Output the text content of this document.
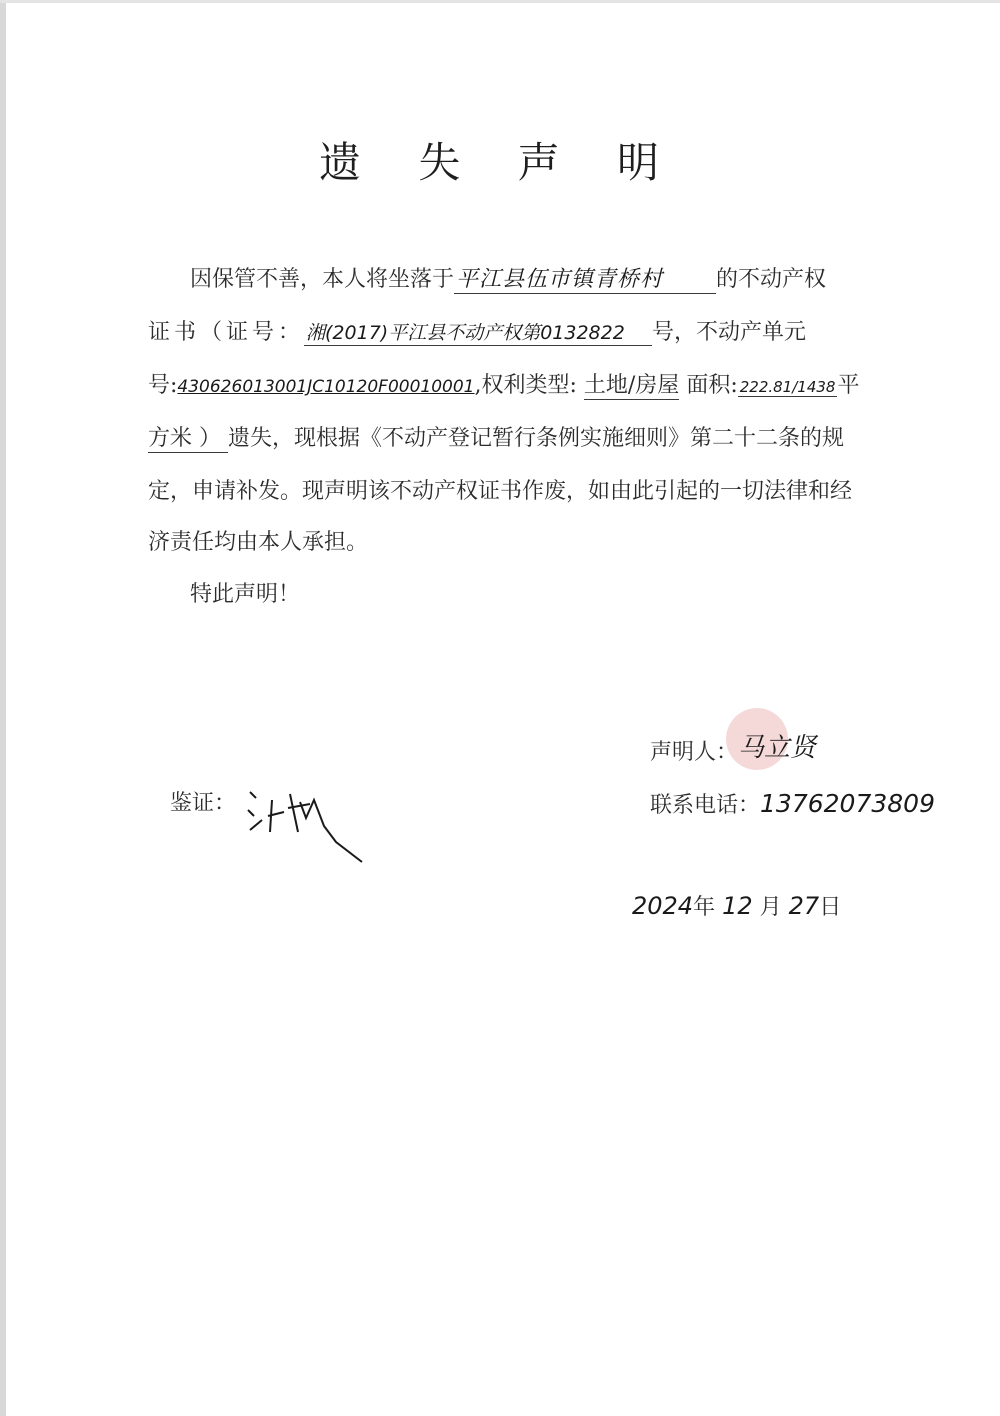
遗 失 声 明
因保管不善，本人将坐落于平江县伍市镇青桥村 的不动产权
证书（证号： 湘(2017)平江县不动产权第0132822 号，不动产单元
号:430626013001JC10120F00010001,权利类型: 土地/房屋 面积: 222.81/1438平
方米 ） 遗失，现根据《不动产登记暂行条例实施细则》第二十二条的规
定，申请补发。现声明该不动产权证书作废，如由此引起的一切法律和经
济责任均由本人承担。
特此声明！
声明人： 马立贤
联系电话：13762073809
鉴证：
2024年 12 月 27日
